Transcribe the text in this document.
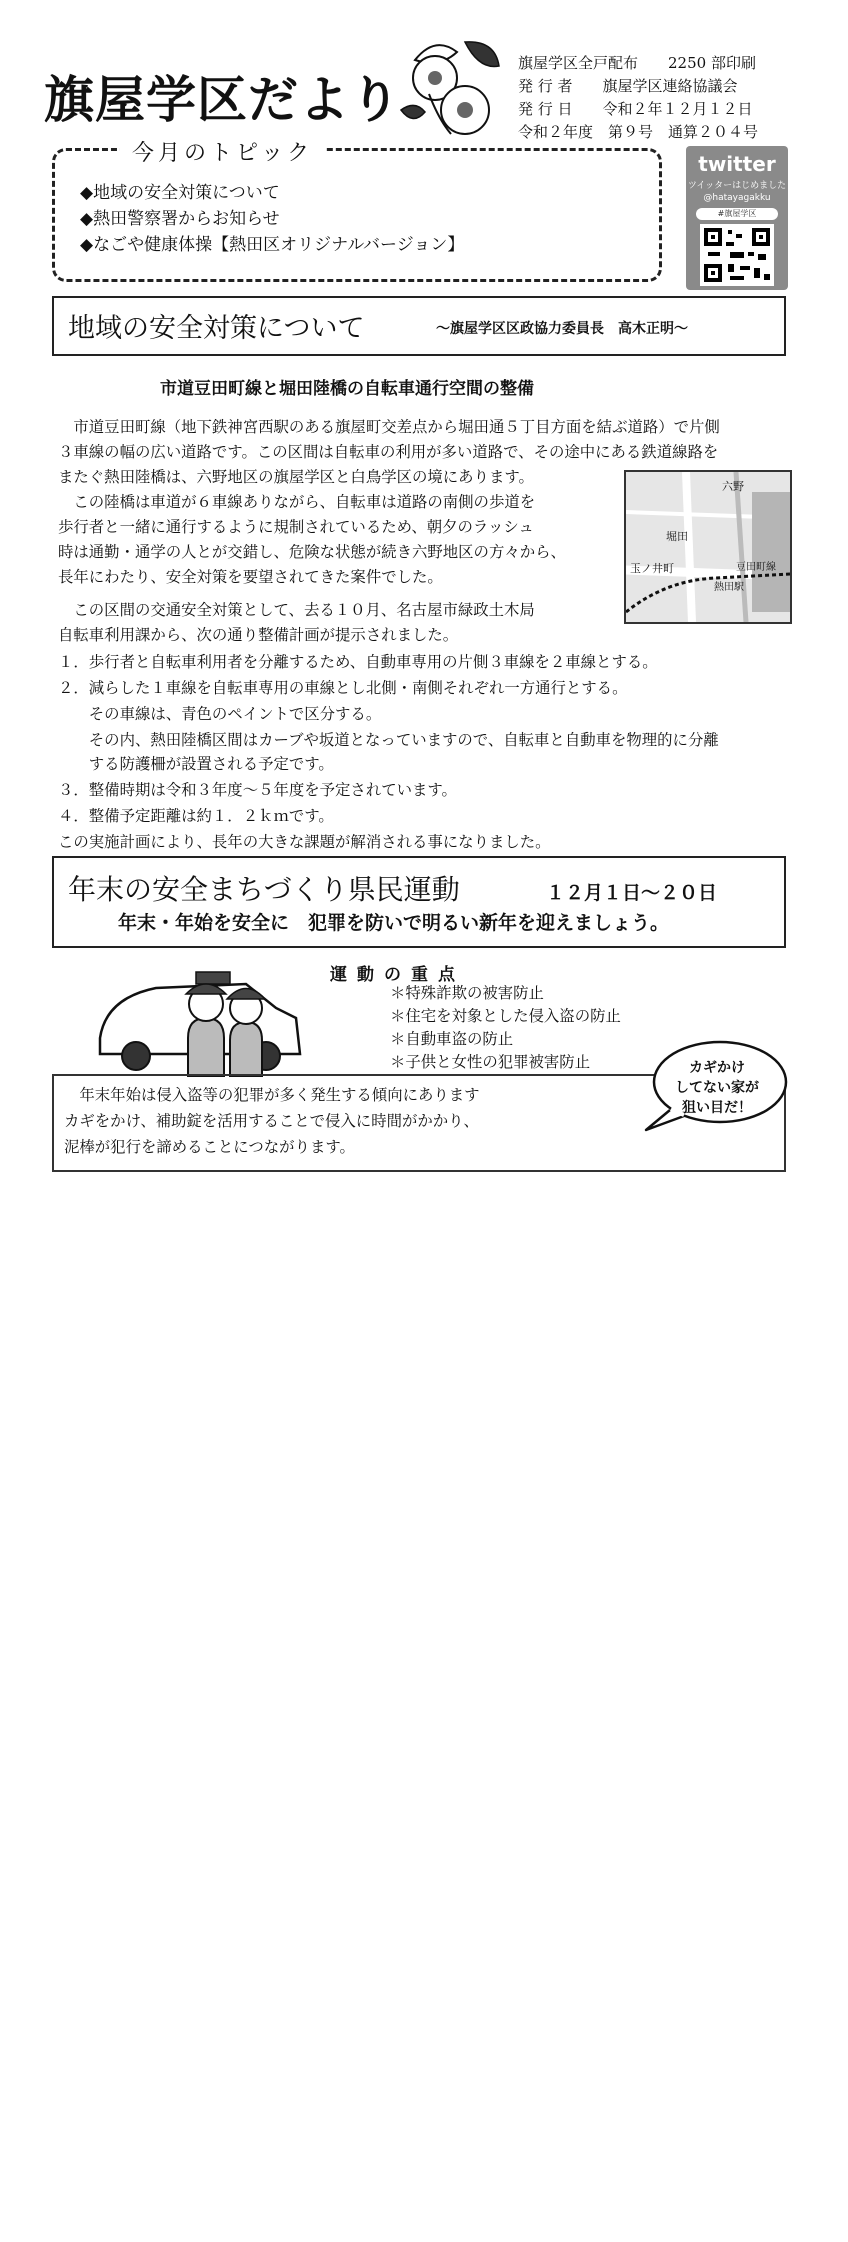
旗屋学区だより
旗屋学区全戸配布　　2250 部印刷
発 行 者　　旗屋学区連絡協議会
発 行 日　　令和２年１２月１２日
令和２年度　第９号　通算２０４号
今月のトピック
◆地域の安全対策について
◆熱田警察署からお知らせ
◆なごや健康体操【熱田区オリジナルバージョン】
twitter
ツイッターはじめました
@hatayagakku
#旗屋学区
地域の安全対策について	～旗屋学区区政協力委員長　高木正明～
市道豆田町線と堀田陸橋の自転車通行空間の整備
　市道豆田町線（地下鉄神宮西駅のある旗屋町交差点から堀田通５丁目方面を結ぶ道路）で片側
３車線の幅の広い道路です。この区間は自転車の利用が多い道路で、その途中にある鉄道線路を
またぐ熱田陸橋は、六野地区の旗屋学区と白鳥学区の境にあります。
　この陸橋は車道が６車線ありながら、自転車は道路の南側の歩道を
歩行者と一緒に通行するように規制されているため、朝夕のラッシュ
時は通勤・通学の人とが交錯し、危険な状態が続き六野地区の方々から、
長年にわたり、安全対策を要望されてきた案件でした。
　この区間の交通安全対策として、去る１０月、名古屋市緑政土木局
自転車利用課から、次の通り整備計画が提示されました。
１．歩行者と自転車利用者を分離するため、自動車専用の片側３車線を２車線とする。
２．減らした１車線を自転車専用の車線とし北側・南側それぞれ一方通行とする。
　　その車線は、青色のペイントで区分する。
　　その内、熱田陸橋区間はカーブや坂道となっていますので、自転車と自動車を物理的に分離
　　する防護柵が設置される予定です。
３．整備時期は令和３年度～５年度を予定されています。
４．整備予定距離は約１．２ｋｍです。
この実施計画により、長年の大きな課題が解消される事になりました。
六野
堀田
玉ノ井町	豆田町線
熱田駅
年末の安全まちづくり県民運動	１２月１日～２０日
年末・年始を安全に　犯罪を防いで明るい新年を迎えましょう。
運動の重点
＊特殊詐欺の被害防止
＊住宅を対象とした侵入盗の防止
＊自動車盗の防止
＊子供と女性の犯罪被害防止
　年末年始は侵入盗等の犯罪が多く発生する傾向にあります
カギをかけ、補助錠を活用することで侵入に時間がかかり、
泥棒が犯行を諦めることにつながります。
カギかけ
してない家が
狙い目だ！
